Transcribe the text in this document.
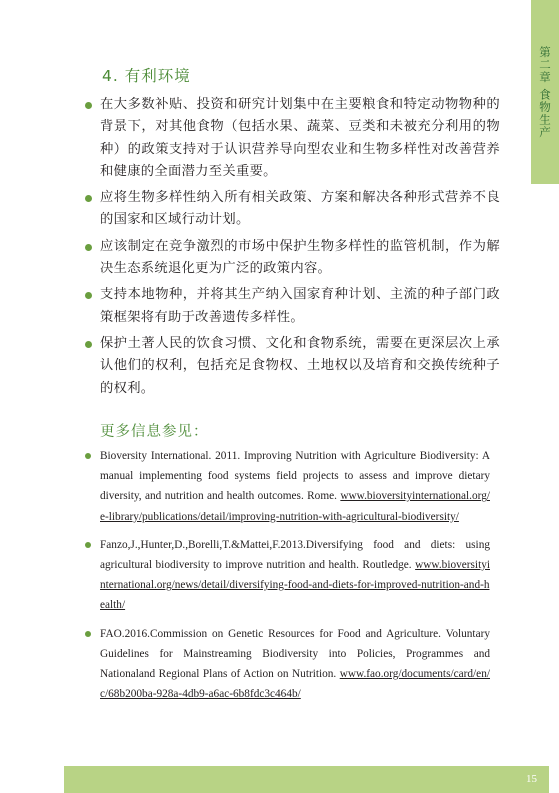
第二章 食物生产
4. 有利环境
在大多数补贴、投资和研究计划集中在主要粮食和特定动物物种的背景下，对其他食物（包括水果、蔬菜、豆类和未被充分利用的物种）的政策支持对于认识营养导向型农业和生物多样性对改善营养和健康的全面潜力至关重要。
应将生物多样性纳入所有相关政策、方案和解决各种形式营养不良的国家和区域行动计划。
应该制定在竞争激烈的市场中保护生物多样性的监管机制，作为解决生态系统退化更为广泛的政策内容。
支持本地物种，并将其生产纳入国家育种计划、主流的种子部门政策框架将有助于改善遗传多样性。
保护土著人民的饮食习惯、文化和食物系统，需要在更深层次上承认他们的权利，包括充足食物权、土地权以及培育和交换传统种子的权利。
更多信息参见：
Bioversity International. 2011. Improving Nutrition with Agriculture Biodiversity: A manual implementing food systems field projects to assess and improve dietary diversity, and nutrition and health outcomes. Rome. www.bioversityinternational.org/e-library/publications/detail/improving-nutrition-with-agricultural-biodiversity/
Fanzo,J.,Hunter,D.,Borelli,T.&Mattei,F.2013.Diversifying food and diets: using agricultural biodiversity to improve nutrition and health. Routledge. www.bioversityinternational.org/news/detail/diversifying-food-and-diets-for-improved-nutrition-and-health/
FAO.2016.Commission on Genetic Resources for Food and Agriculture. Voluntary Guidelines for Mainstreaming Biodiversity into Policies, Programmes and Nationaland Regional Plans of Action on Nutrition. www.fao.org/documents/card/en/c/68b200ba-928a-4db9-a6ac-6b8fdc3c464b/
15
